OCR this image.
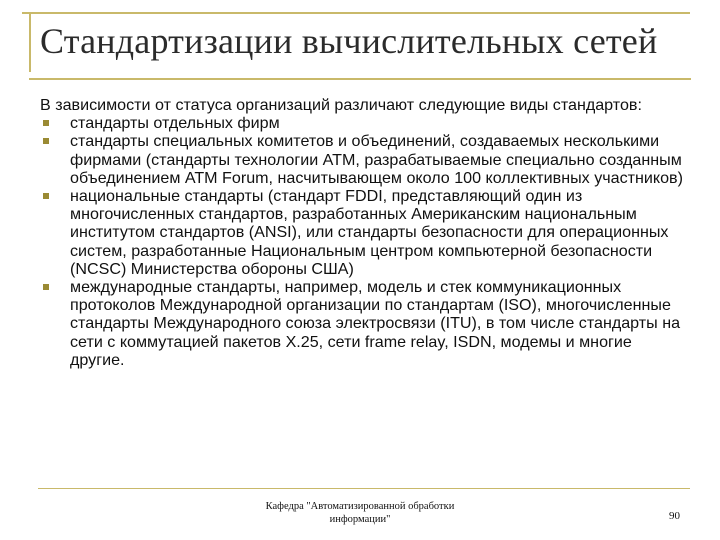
Стандартизации вычислительных сетей

В зависимости от статуса организаций различают следующие виды стандартов:

стандарты отдельных фирм
стандарты специальных комитетов и объединений, создаваемых несколькими фирмами (стандарты технологии АТМ, разрабатываемые специально созданным объединением АТМ Forum, насчитывающем около 100 коллективных участников)
национальные стандарты (стандарт FDDI, представляющий один из многочисленных стандартов, разработанных Американским национальным институтом стандартов (ANSI), или стандарты безопасности для операционных систем, разработанные Национальным центром компьютерной безопасности (NCSC) Министерства обороны США)
международные стандарты, например, модель и стек коммуникационных протоколов Международной организации по стандартам (ISO), многочисленные стандарты Международного союза электросвязи (ITU), в том числе стандарты на сети с коммутацией пакетов Х.25, сети frame relay, ISDN, модемы и многие другие.
Кафедра "Автоматизированной обработки
информации"	90
